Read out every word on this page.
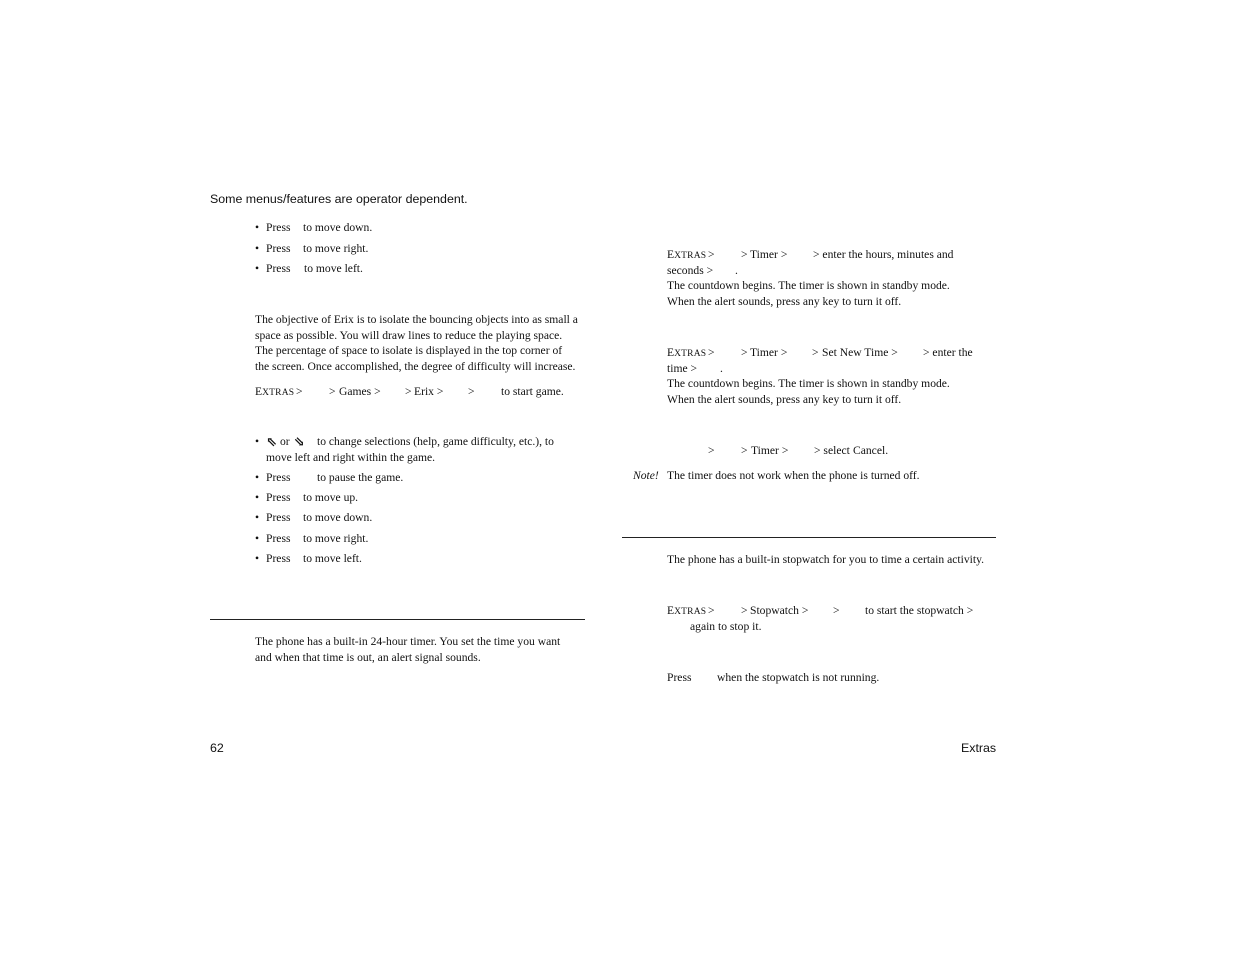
Some menus/features are operator dependent.
• Press to move down.
• Press to move right.
• Press to move left.
The objective of Erix is to isolate the bouncing objects into as small a
space as possible. You will draw lines to reduce the playing space.
The percentage of space to isolate is displayed in the top corner of
the screen. Once accomplished, the degree of difficulty will increase.
EXTRAS > > Games > > Erix > > to start game.
• ⇖ or ⇘ to change selections (help, game difficulty, etc.), to
move left and right within the game.
• Press to pause the game.
• Press to move up.
• Press to move down.
• Press to move right.
• Press to move left.
The phone has a built-in 24-hour timer. You set the time you want
and when that time is out, an alert signal sounds.
EXTRAS > > Timer > > enter the hours, minutes and
seconds > .
The countdown begins. The timer is shown in standby mode.
When the alert sounds, press any key to turn it off.
EXTRAS > > Timer > > Set New Time > > enter the
time > .
The countdown begins. The timer is shown in standby mode.
When the alert sounds, press any key to turn it off.
> > Timer > > select Cancel.
Note! The timer does not work when the phone is turned off.
The phone has a built-in stopwatch for you to time a certain activity.
EXTRAS > > Stopwatch > > to start the stopwatch >
again to stop it.
Press when the stopwatch is not running.
62	Extras
